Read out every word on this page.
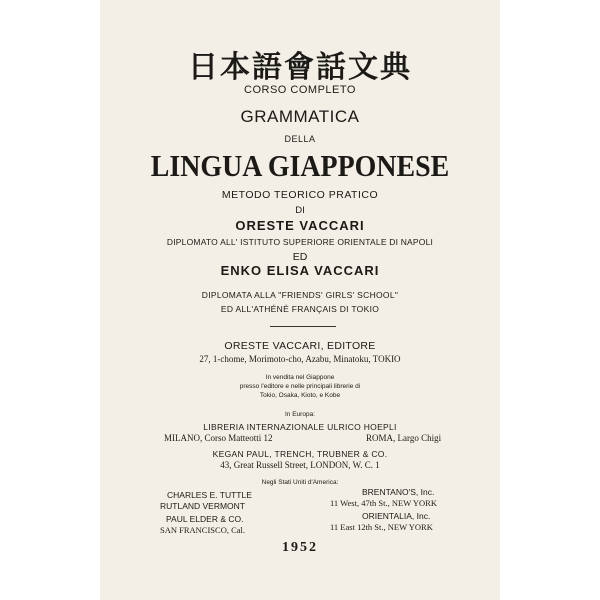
日本語會話文典
CORSO COMPLETO
GRAMMATICA
DELLA
LINGUA GIAPPONESE
METODO TEORICO PRATICO
DI
ORESTE VACCARI
DIPLOMATO ALL' ISTITUTO SUPERIORE ORIENTALE DI NAPOLI
ED
ENKO ELISA VACCARI
DIPLOMATA ALLA "FRIENDS' GIRLS' SCHOOL"
ED ALL'ATHÉNÉ FRANÇAIS DI TOKIO
ORESTE VACCARI, EDITORE
27, 1-chome, Morimoto-cho, Azabu, Minatoku, TOKIO
In vendita nel Giappone
presso l'editore e nelle principali librerie di
Tokio, Osaka, Kioto, e Kobe
In Europa:
LIBRERIA INTERNAZIONALE ULRICO HOEPLI
MILANO, Corso Matteotti 12	ROMA, Largo Chigi
KEGAN PAUL, TRENCH, TRUBNER & CO.
43, Great Russell Street, LONDON, W. C. 1
Negli Stati Uniti d'America:
CHARLES E. TUTTLE
RUTLAND VERMONT
PAUL ELDER & CO.
SAN FRANCISCO, Cal.
BRENTANO'S, Inc.
11 West, 47th St., NEW YORK
ORIENTALIA, Inc.
11 East 12th St., NEW YORK
1952
